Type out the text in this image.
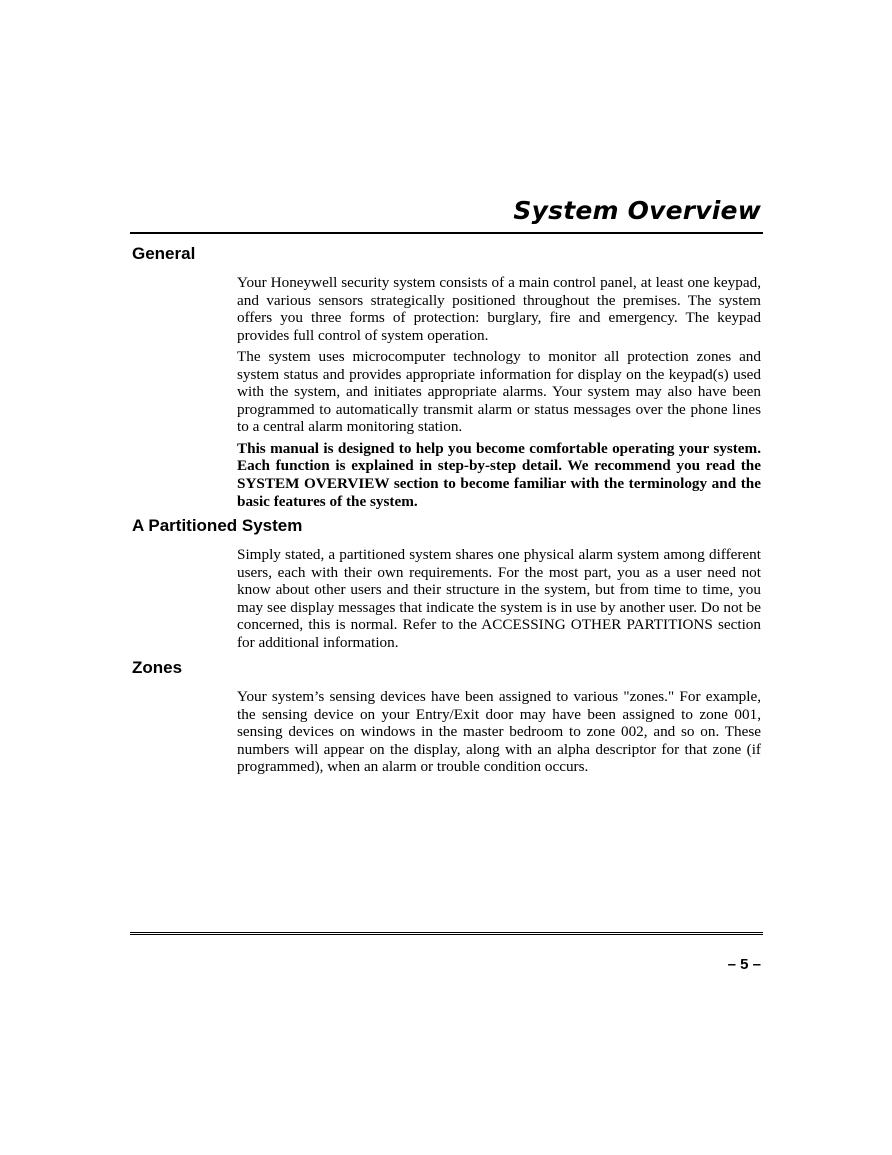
System Overview
General

Your Honeywell security system consists of a main control panel, at least one keypad, and various sensors strategically positioned throughout the premises. The system offers you three forms of protection: burglary, fire and emergency. The keypad provides full control of system operation.

The system uses microcomputer technology to monitor all protection zones and system status and provides appropriate information for display on the keypad(s) used with the system, and initiates appropriate alarms. Your system may also have been programmed to automatically transmit alarm or status messages over the phone lines to a central alarm monitoring station.

This manual is designed to help you become comfortable operating your system. Each function is explained in step-by-step detail. We recommend you read the SYSTEM OVERVIEW section to become familiar with the terminology and the basic features of the system.

A Partitioned System

Simply stated, a partitioned system shares one physical alarm system among different users, each with their own requirements. For the most part, you as a user need not know about other users and their structure in the system, but from time to time, you may see display messages that indicate the system is in use by another user. Do not be concerned, this is normal. Refer to the ACCESSING OTHER PARTITIONS section for additional information.

Zones

Your system’s sensing devices have been assigned to various "zones." For example, the sensing device on your Entry/Exit door may have been assigned to zone 001, sensing devices on windows in the master bedroom to zone 002, and so on. These numbers will appear on the display, along with an alpha descriptor for that zone (if programmed), when an alarm or trouble condition occurs.

– 5 –
